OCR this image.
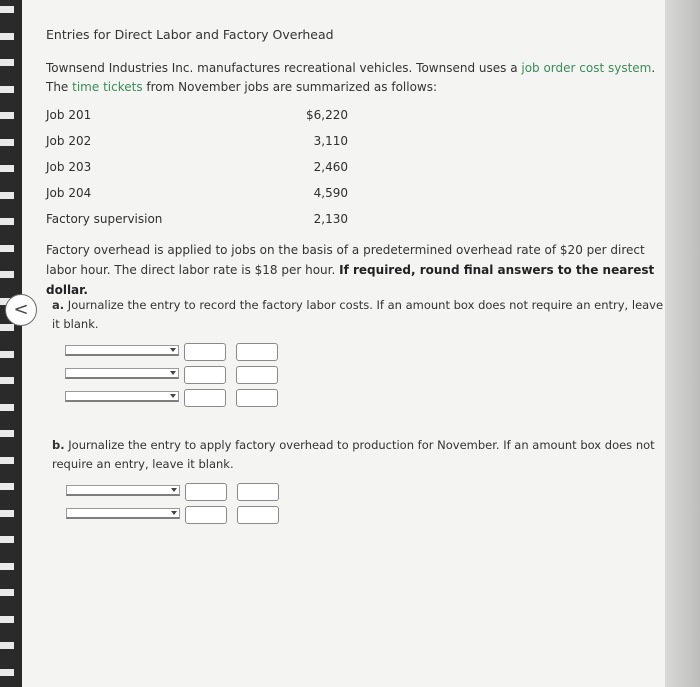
Entries for Direct Labor and Factory Overhead
Townsend Industries Inc. manufactures recreational vehicles. Townsend uses a job order cost system. The time tickets from November jobs are summarized as follows:
Job 201	$6,220
Job 202	3,110
Job 203	2,460
Job 204	4,590
Factory supervision	2,130
Factory overhead is applied to jobs on the basis of a predetermined overhead rate of $20 per direct labor hour. The direct labor rate is $18 per hour. If required, round final answers to the nearest dollar.
<	a. Journalize the entry to record the factory labor costs. If an amount box does not require an entry, leave it blank.
b. Journalize the entry to apply factory overhead to production for November. If an amount box does not require an entry, leave it blank.
